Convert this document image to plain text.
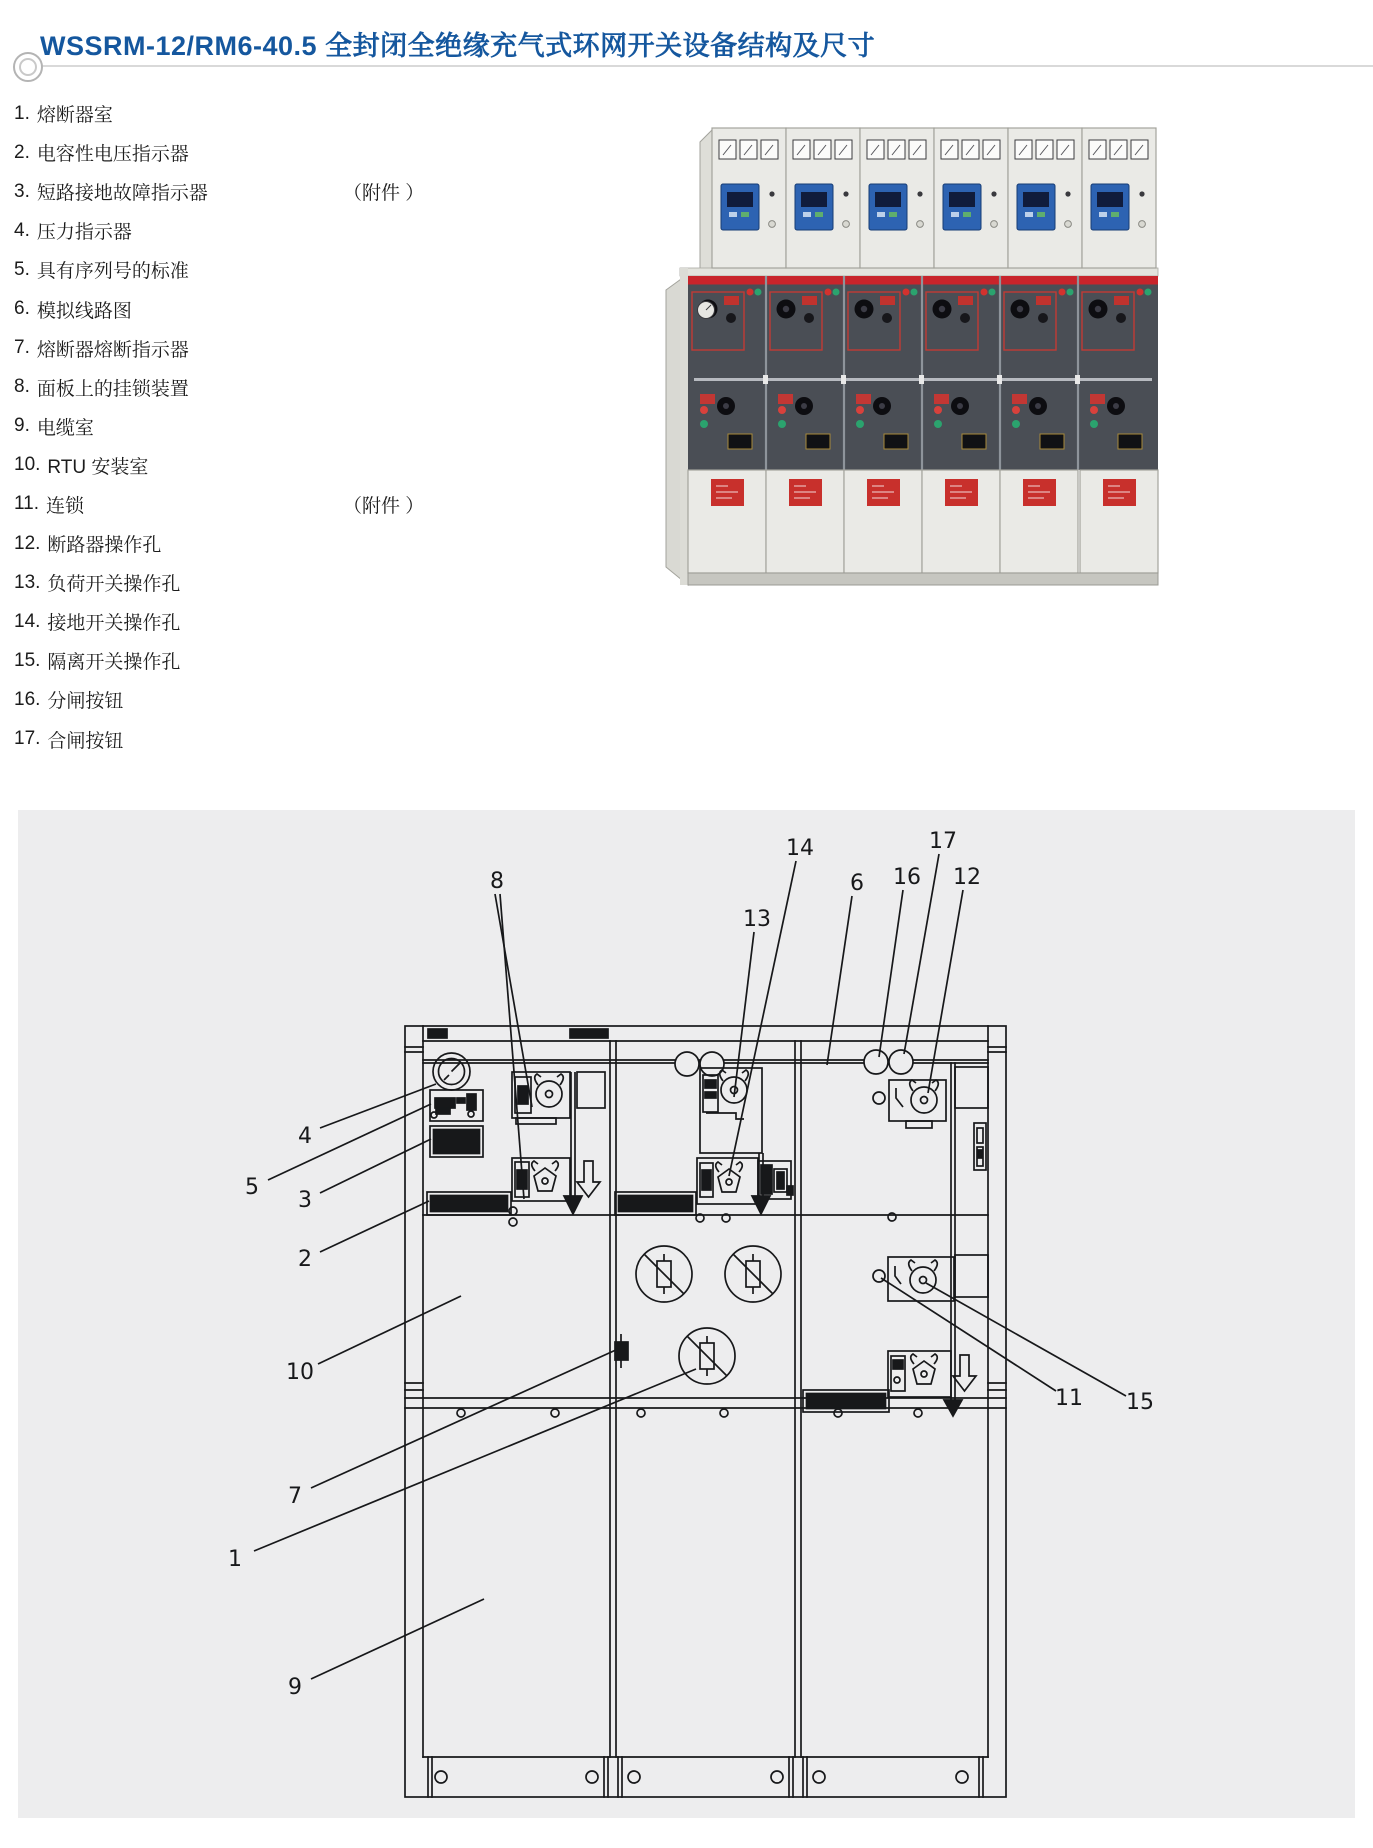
WSSRM-12/RM6-40.5 全封闭全绝缘充气式环网开关设备结构及尺寸
1. 熔断器室
2. 电容性电压指示器
3. 短路接地故障指示器	（附件 ）
4. 压力指示器
5. 具有序列号的标准
6. 模拟线路图
7. 熔断器熔断指示器
8. 面板上的挂锁装置
9. 电缆室
10. RTU 安装室
11. 连锁	（附件 ）
12. 断路器操作孔
13. 负荷开关操作孔
14. 接地开关操作孔
15. 隔离开关操作孔
16. 分闸按钮
17. 合闸按钮
1
2
3
4
5
6
7
8
9
10
11
12
13
14
15
16
17
